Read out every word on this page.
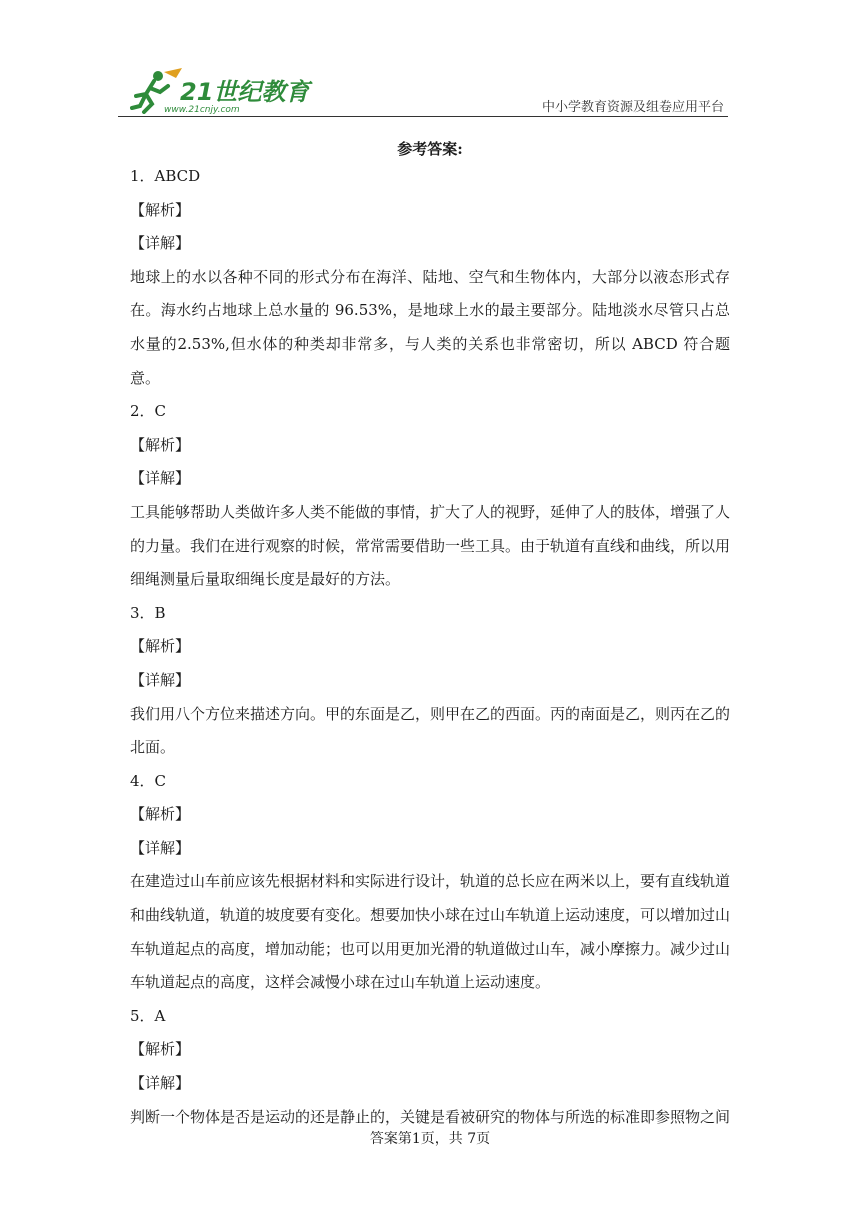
21世纪教育
www.21cnjy.com	中小学教育资源及组卷应用平台
参考答案:
1．ABCD
【解析】
【详解】
地球上的水以各种不同的形式分布在海洋、陆地、空气和生物体内，大部分以液态形式存在。海水约占地球上总水量的 96.53%，是地球上水的最主要部分。陆地淡水尽管只占总水量的2.53%,但水体的种类却非常多，与人类的关系也非常密切，所以 ABCD 符合题意。
2．C
【解析】
【详解】
工具能够帮助人类做许多人类不能做的事情，扩大了人的视野，延伸了人的肢体，增强了人的力量。我们在进行观察的时候，常常需要借助一些工具。由于轨道有直线和曲线，所以用细绳测量后量取细绳长度是最好的方法。
3．B
【解析】
【详解】
我们用八个方位来描述方向。甲的东面是乙，则甲在乙的西面。丙的南面是乙，则丙在乙的北面。
4．C
【解析】
【详解】
在建造过山车前应该先根据材料和实际进行设计，轨道的总长应在两米以上，要有直线轨道和曲线轨道，轨道的坡度要有变化。想要加快小球在过山车轨道上运动速度，可以增加过山车轨道起点的高度，增加动能；也可以用更加光滑的轨道做过山车，减小摩擦力。减少过山车轨道起点的高度，这样会减慢小球在过山车轨道上运动速度。
5．A
【解析】
【详解】
判断一个物体是否是运动的还是静止的，关键是看被研究的物体与所选的标准即参照物之间
答案第1页，共 7页
